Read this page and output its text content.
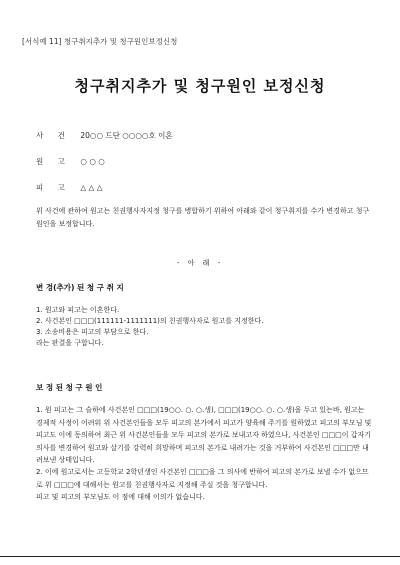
[서식예 11] 청구취지추가 및 청구원인보정신청
청구취지추가 및 청구원인 보정신청
사 건 20○○ 드단 ○○○○호 이혼
원 고 ○ ○ ○
피 고 △ △ △
위 사건에 관하여 원고는 친권행사자지정 청구를 병합하기 위하여 아래와 같이 청구취지를 수가 변경하고 청구원인을 보정합니다.
- 아 래 -
변 경(추가) 된 청 구 취 지
1. 원고와 피고는 이혼한다.
2. 사건본인 □□□(111111-1111111)의 친권행사자로 원고를 지정한다.
3. 소송비용은 피고의 부담으로 한다.
라는 판결을 구합니다.
보 정 된 청 구 원 인
1. 원 피고는 그 슬하에 사건본인 □□□(19○○. ○. ○.생), □□□(19○○. ○. ○.생)을 두고 있는바, 원고는 경제적 사정이 어려워 위 사건본인들을 모두 피고의 본가에서 피고가 양육해 주기를 원하였고 피고의 부모님 및 피고도 이에 동의하여 최근 위 사건본인들을 모두 피고의 본가로 보내고자 하였으나, 사건본인 □□□이 갑자기 의사를 변경하여 원고와 살기를 강력히 희망하며 피고의 본가로 내려가는 것을 거부하여 사건본인 □□□만 내려보낸 상태입니다.
2. 이에 원고로서는 고등학교 2학년생인 사건본인 □□□을 그 의사에 반하여 피고의 본가로 보낼 수가 없으므로 위 □□□에 대해서는 원고를 친권행사자로 지정해 주실 것을 청구합니다.
피고 및 피고의 부모님도 이 점에 대해 이의가 없습니다.
